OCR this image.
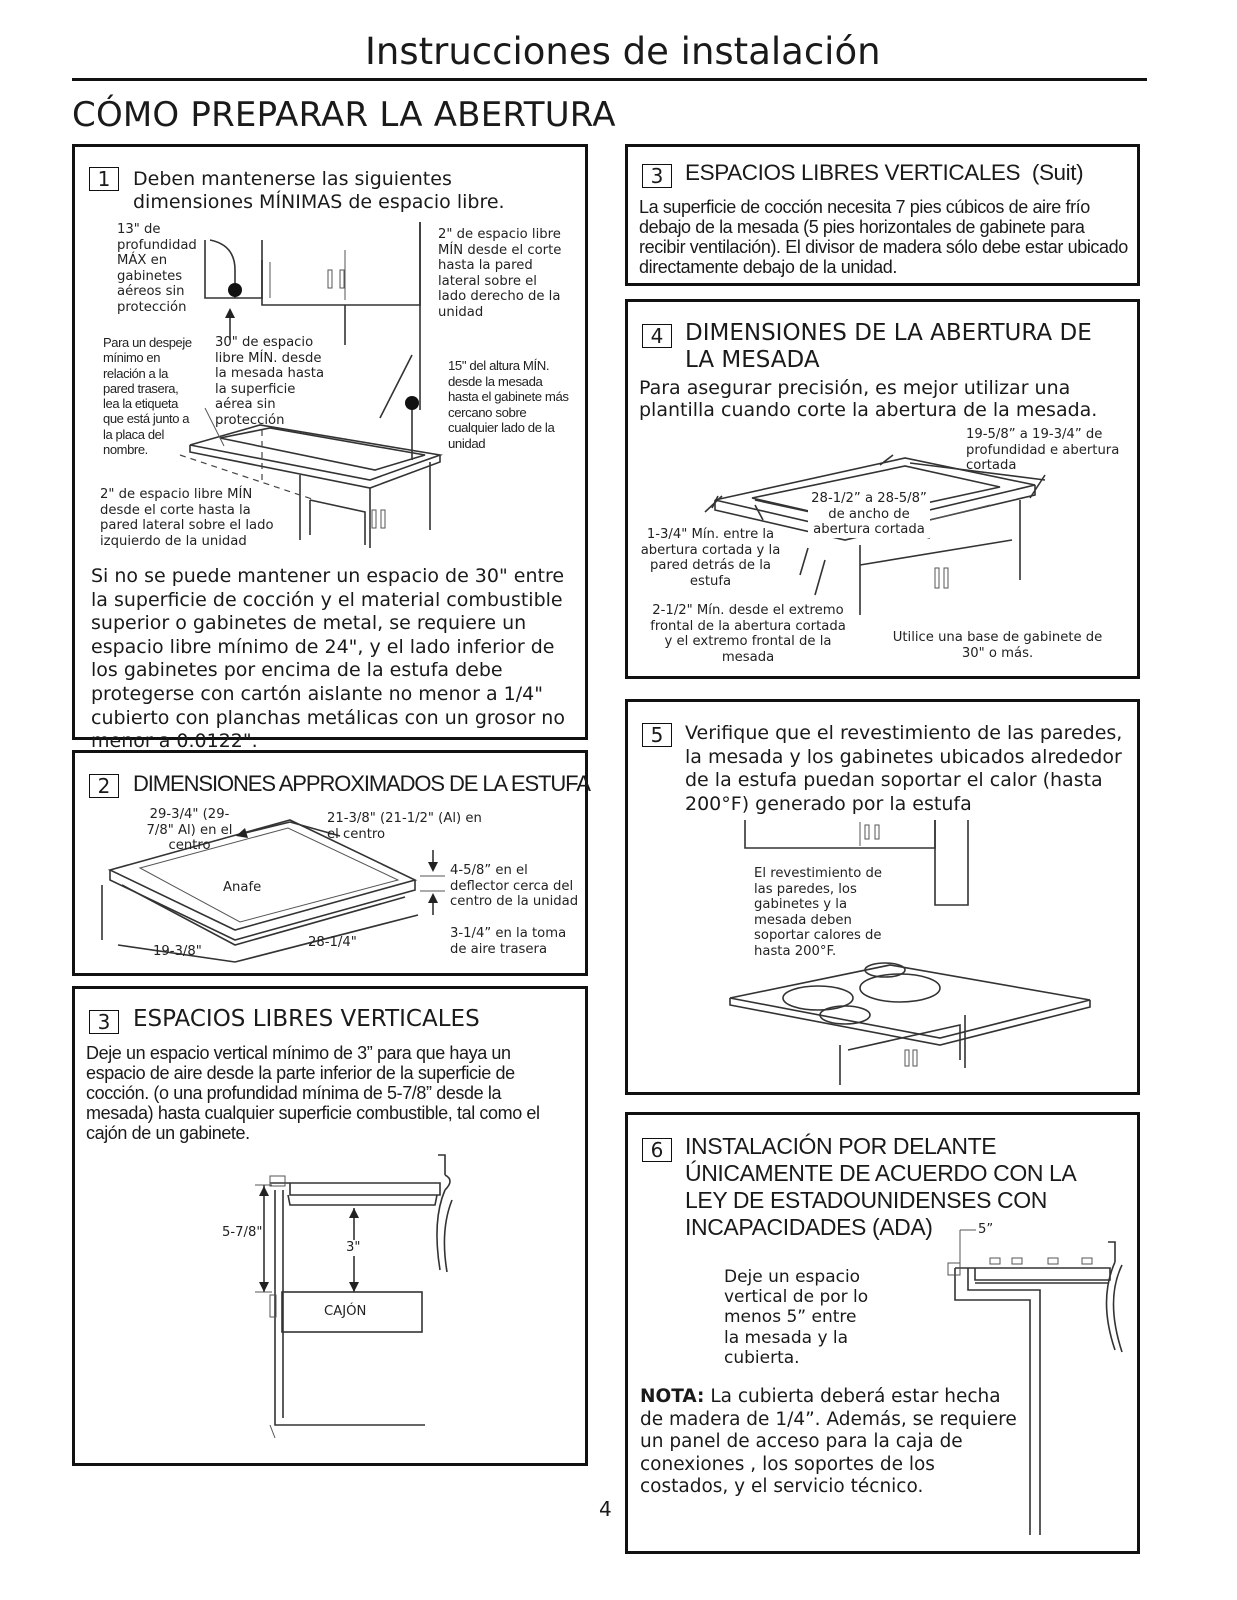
Instrucciones de instalación
CÓMO PREPARAR LA ABERTURA
1	Deben mantenerse las siguientes dimensiones MÍNIMAS de espacio libre.
13" de profundidad MÁX en gabinetes aéreos sin protección
2" de espacio libre MÍN desde el corte hasta la pared lateral sobre el lado derecho de la unidad
Para un despeje mínimo en relación a la pared trasera, lea la etiqueta que está junto a la placa del nombre.
30" de espacio libre MÍN. desde la mesada hasta la superficie aérea sin protección
15" del altura MÍN. desde la mesada hasta el gabinete más cercano sobre cualquier lado de la unidad
2" de espacio libre MÍN desde el corte hasta la pared lateral sobre el lado izquierdo de la unidad
Si no se puede mantener un espacio de 30" entre la superficie de cocción y el material combustible superior o gabinetes de metal, se requiere un espacio libre mínimo de 24", y el lado inferior de los gabinetes por encima de la estufa debe protegerse con cartón aislante no menor a 1/4" cubierto con planchas metálicas con un grosor no menor a 0.0122".
2	DIMENSIONES APPROXIMADOS DE LA ESTUFA
29-3/4" (29-7/8" Al) en el centro
21-3/8" (21-1/2" (Al) en el centro
4-5/8” en el deflector cerca del centro de la unidad
3-1/4” en la toma de aire trasera
Anafe
19-3/8"
28-1/4"
3 ESPACIOS LIBRES VERTICALES
Deje un espacio vertical mínimo de 3” para que haya un espacio de aire desde la parte inferior de la superficie de cocción. (o una profundidad mínima de 5-7/8” desde la mesada) hasta cualquier superficie combustible, tal como el cajón de un gabinete.
5-7/8"
3"
CAJÓN
3 ESPACIOS LIBRES VERTICALES (Suit)
La superficie de cocción necesita 7 pies cúbicos de aire frío debajo de la mesada (5 pies horizontales de gabinete para recibir ventilación). El divisor de madera sólo debe estar ubicado directamente debajo de la unidad.
4 DIMENSIONES DE LA ABERTURA DE LA MESADA
Para asegurar precisión, es mejor utilizar una plantilla cuando corte la abertura de la mesada.
19-5/8” a 19-3/4” de profundidad e abertura cortada
28-1/2” a 28-5/8” de ancho de abertura cortada
1-3/4" Mín. entre la abertura cortada y la pared detrás de la estufa
2-1/2" Mín. desde el extremo frontal de la abertura cortada y el extremo frontal de la mesada
Utilice una base de gabinete de 30" o más.
5	Verifique que el revestimiento de las paredes, la mesada y los gabinetes ubicados alrededor de la estufa puedan soportar el calor (hasta 200°F) generado por la estufa
El revestimiento de las paredes, los gabinetes y la mesada deben soportar calores de hasta 200°F.
6 INSTALACIÓN POR DELANTE ÚNICAMENTE DE ACUERDO CON LA LEY DE ESTADOUNIDENSES CON INCAPACIDADES (ADA)	5”
Deje un espacio vertical de por lo menos 5” entre la mesada y la cubierta.
NOTA: La cubierta deberá estar hecha de madera de 1/4”. Además, se requiere un panel de acceso para la caja de conexiones , los soportes de los costados, y el servicio técnico.
4
